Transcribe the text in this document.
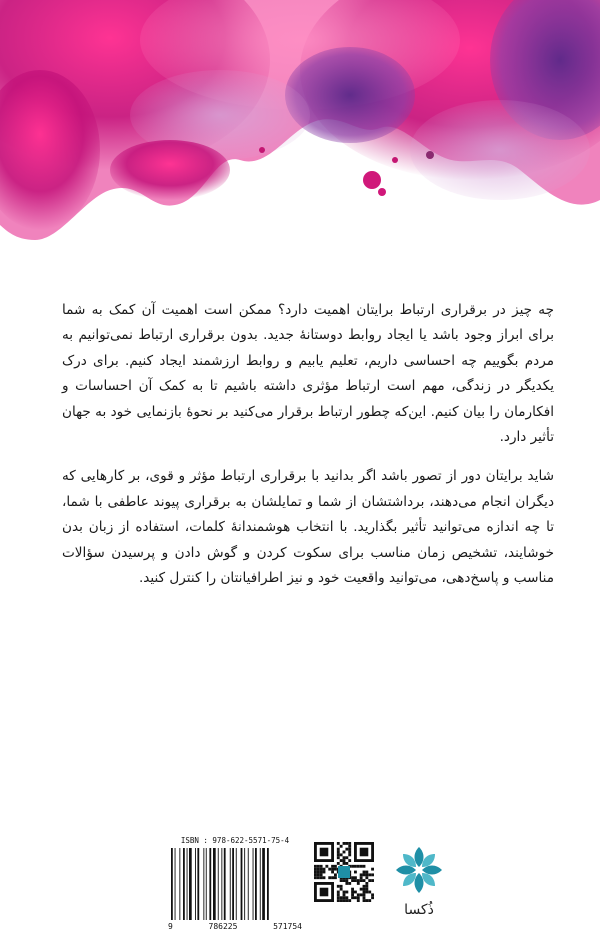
چه چیز در برقراری ارتباط برایتان اهمیت دارد؟ ممکن است اهمیت آن کمک به شما برای ابراز وجود باشد یا ایجاد روابط دوستانهٔ جدید. بدون برقراری ارتباط نمی‌توانیم به مردم بگوییم چه احساسی داریم، تعلیم یابیم و روابط ارزشمند ایجاد کنیم. برای درک یکدیگر در زندگی، مهم است ارتباط مؤثری داشته باشیم تا به کمک آن احساسات و افکارمان را بیان کنیم. این‌که چطور ارتباط برقرار می‌کنید بر نحوهٔ بازنمایی خود به جهان تأثیر دارد.

شاید برایتان دور از تصور باشد اگر بدانید با برقراری ارتباط مؤثر و قوی، بر کارهایی که دیگران انجام می‌دهند، برداشتشان از شما و تمایلشان به برقراری پیوند عاطفی با شما، تا چه اندازه می‌توانید تأثیر بگذارید. با انتخاب هوشمندانهٔ کلمات، استفاده از زبان بدن خوشایند، تشخیص زمان مناسب برای سکوت کردن و گوش دادن و پرسیدن سؤالات مناسب و پاسخ‌دهی، می‌توانید واقعیت خود و نیز اطرافیانتان را کنترل کنید.

ISBN : 978-622-5571-75-4
9	786225	571754
ذُکسا
